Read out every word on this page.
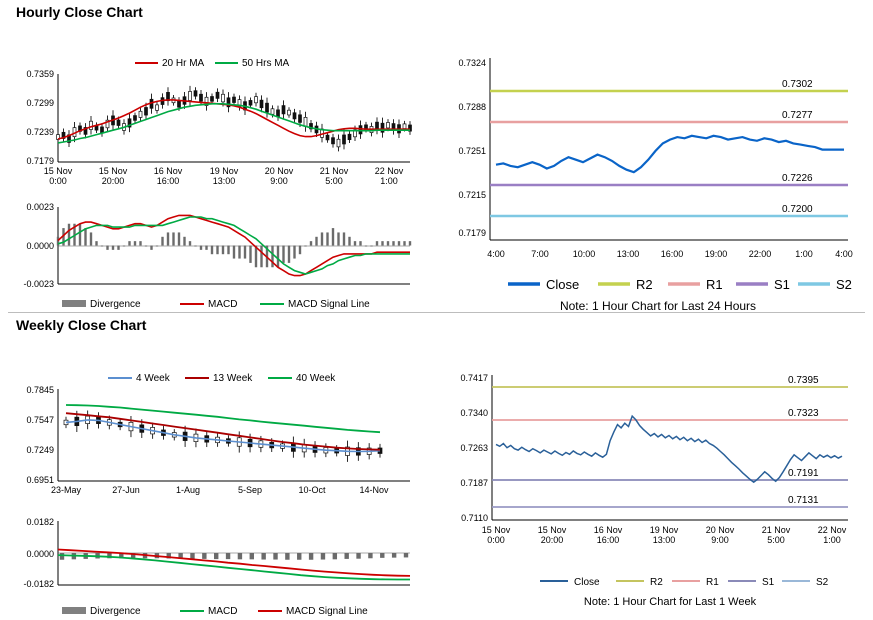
Hourly Close Chart
20 Hr MA	50 Hrs MA
0.7359
0.7299
0.7239
0.7179
15 Nov
0:00
15 Nov
20:00
16 Nov
16:00
19 Nov
13:00
20 Nov
9:00
21 Nov
5:00
22 Nov
1:00
0.0023
0.0000
-0.0023
Divergence	MACD	MACD Signal Line
0.7324
0.7288
0.7251
0.7215
0.7179
0.7302
0.7277
0.7226
0.7200
4:00	7:00	10:00 13:00 16:00 19:00 22:00	1:00 4:00
Close	R2	R1	S1	S2
Note: 1 Hour Chart for Last 24 Hours
Weekly Close Chart
4 Week	13 Week	40 Week
0.7845
0.7547
0.7249
0.6951
23-May	27-Jun	1-Aug	5-Sep	10-Oct	14-Nov
0.0182
0.0000
-0.0182
Divergence	MACD	MACD Signal Line
0.7417
0.7340
0.7263
0.7187
0.7110
0.7395
0.7323
0.7191
0.7131
15 Nov
0:00
15 Nov
20:00
16 Nov
16:00
19 Nov
13:00
20 Nov
9:00
21 Nov
5:00
22 Nov
1:00
Close	R2	R1	S1	S2
Note: 1 Hour Chart for Last 1 Week
